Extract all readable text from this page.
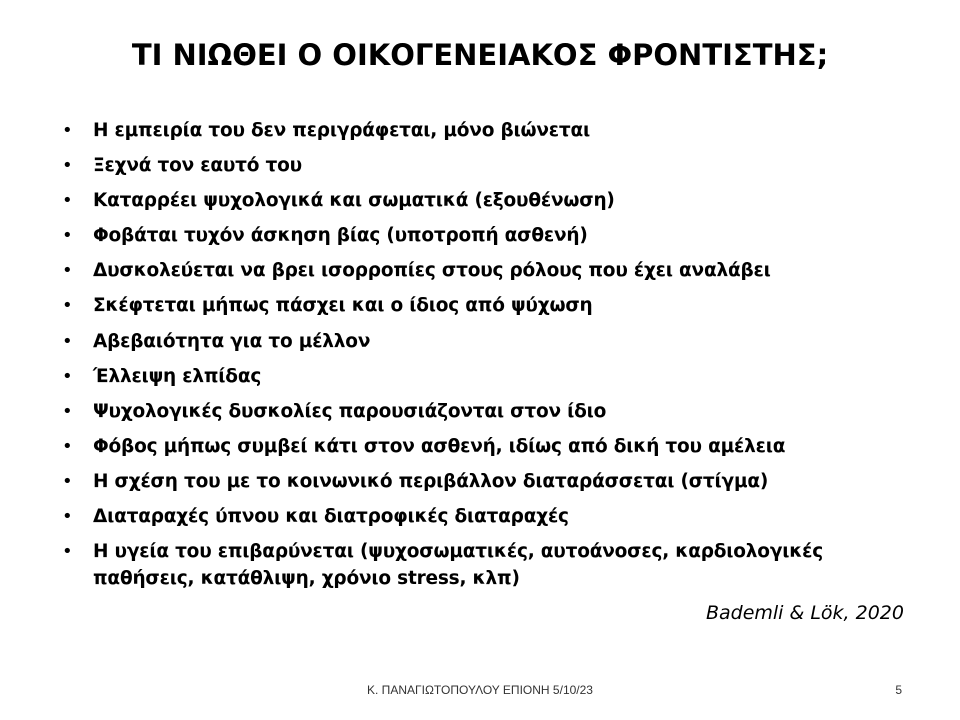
ΤΙ ΝΙΩΘΕΙ Ο ΟΙΚΟΓΕΝΕΙΑΚΟΣ ΦΡΟΝΤΙΣΤΗΣ;
• Η εμπειρία του δεν περιγράφεται, μόνο βιώνεται
• Ξεχνά τον εαυτό του
• Καταρρέει ψυχολογικά και σωματικά (εξουθένωση)
• Φοβάται τυχόν άσκηση βίας (υποτροπή ασθενή)
• Δυσκολεύεται να βρει ισορροπίες στους ρόλους που έχει αναλάβει
• Σκέφτεται μήπως πάσχει και ο ίδιος από ψύχωση
• Αβεβαιότητα για το μέλλον
• Έλλειψη ελπίδας
• Ψυχολογικές δυσκολίες παρουσιάζονται στον ίδιο
• Φόβος μήπως συμβεί κάτι στον ασθενή, ιδίως από δική του αμέλεια
• Η σχέση του με το κοινωνικό περιβάλλον διαταράσσεται (στίγμα)
• Διαταραχές ύπνου και διατροφικές διαταραχές
• Η υγεία του επιβαρύνεται (ψυχοσωματικές, αυτοάνοσες, καρδιολογικές παθήσεις, κατάθλιψη, χρόνιο stress, κλπ)
Bademli & Lök, 2020
Κ. ΠΑΝΑΓΙΩΤΟΠΟΥΛΟΥ ΕΠΙΟΝΗ 5/10/23	5
